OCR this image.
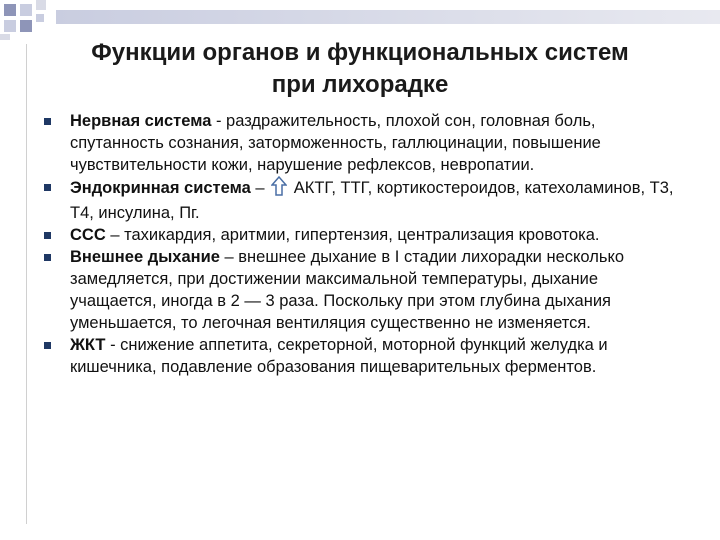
Функции органов и функциональных систем
при лихорадке
Нервная система - раздражительность, плохой сон, головная боль, спутанность сознания, заторможенность, галлюцинации, повышение чувствительности кожи, нарушение рефлексов, невропатии.
Эндокринная система –  АКТГ, ТТГ, кортикостероидов, катехоламинов, Т3, Т4, инсулина, Пг.
ССС – тахикардия, аритмии, гипертензия, централизация кровотока.
Внешнее дыхание – внешнее дыхание в I стадии лихорадки несколько замедляется, при достижении максимальной температуры, дыхание учащается, иногда в 2 — 3 раза. Поскольку при этом глубина дыхания уменьшается, то легочная вентиляция существенно не изменяется.
ЖКТ - снижение аппетита, секреторной, моторной функций желудка и кишечника, подавление образования пищеварительных ферментов.
